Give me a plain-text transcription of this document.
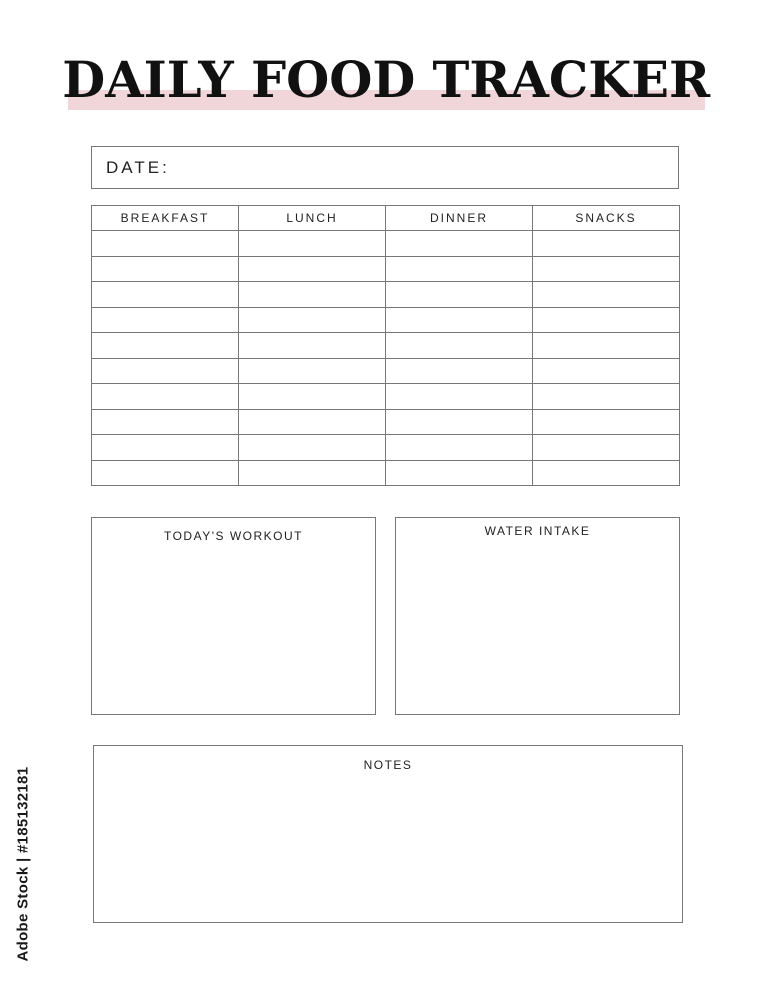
DAILY FOOD TRACKER
DATE:
BREAKFAST	LUNCH	DINNER	SNACKS

TODAY'S WORKOUT	WATER INTAKE
NOTES
Adobe Stock | #185132181
